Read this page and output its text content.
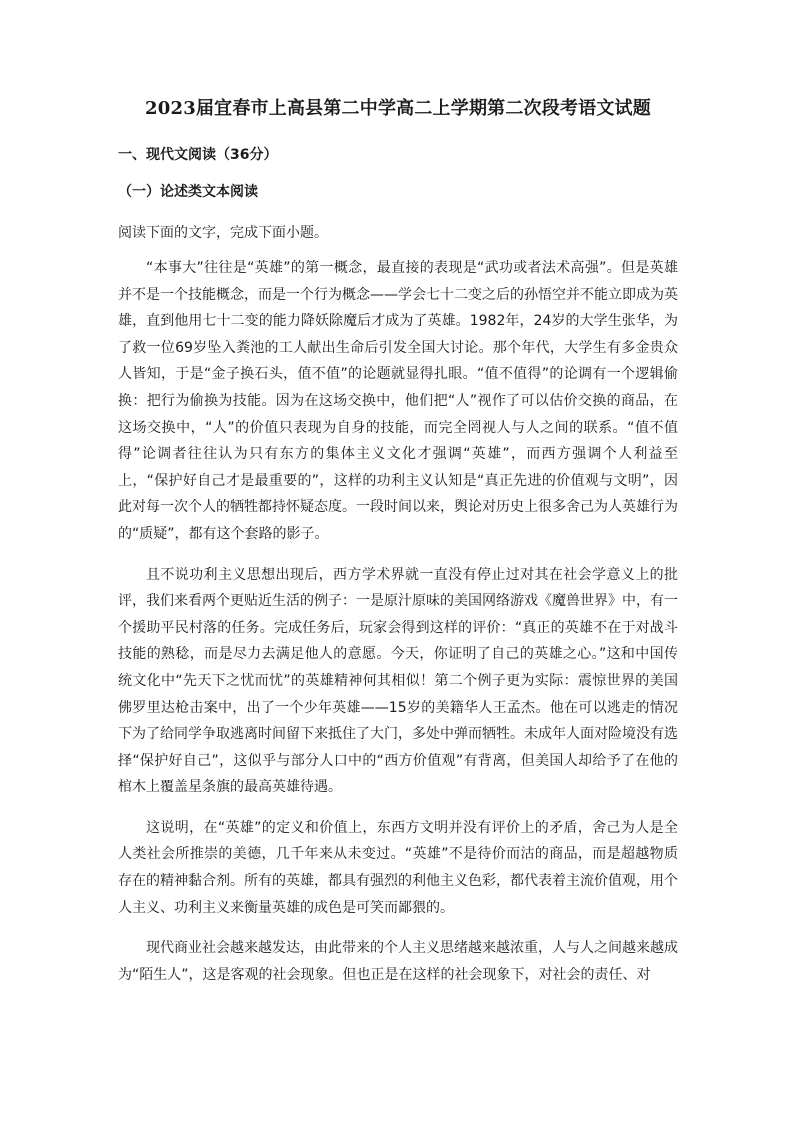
2023届宜春市上高县第二中学高二上学期第二次段考语文试题
一、现代文阅读（36分）
（一）论述类文本阅读

阅读下面的文字，完成下面小题。

“本事大”往往是“英雄”的第一概念，最直接的表现是“武功或者法术高强”。但是英雄并不是一个技能概念，而是一个行为概念——学会七十二变之后的孙悟空并不能立即成为英雄，直到他用七十二变的能力降妖除魔后才成为了英雄。1982年，24岁的大学生张华，为了救一位69岁坠入粪池的工人献出生命后引发全国大讨论。那个年代，大学生有多金贵众人皆知，于是“金子换石头，值不值”的论题就显得扎眼。“值不值得”的论调有一个逻辑偷换：把行为偷换为技能。因为在这场交换中，他们把“人”视作了可以估价交换的商品，在这场交换中，“人”的价值只表现为自身的技能，而完全罔视人与人之间的联系。“值不值得”论调者往往认为只有东方的集体主义文化才强调“英雄”，而西方强调个人利益至上，“保护好自己才是最重要的”，这样的功利主义认知是“真正先进的价值观与文明”，因此对每一次个人的牺牲都持怀疑态度。一段时间以来，舆论对历史上很多舍己为人英雄行为的“质疑”，都有这个套路的影子。

且不说功利主义思想出现后，西方学术界就一直没有停止过对其在社会学意义上的批评，我们来看两个更贴近生活的例子：一是原汁原味的美国网络游戏《魔兽世界》中，有一个援助平民村落的任务。完成任务后，玩家会得到这样的评价：“真正的英雄不在于对战斗技能的熟稔，而是尽力去满足他人的意愿。今天，你证明了自己的英雄之心。”这和中国传统文化中“先天下之忧而忧”的英雄精神何其相似！第二个例子更为实际：震惊世界的美国佛罗里达枪击案中，出了一个少年英雄——15岁的美籍华人王孟杰。他在可以逃走的情况下为了给同学争取逃离时间留下来抵住了大门，多处中弹而牺牲。未成年人面对险境没有选择“保护好自己”，这似乎与部分人口中的“西方价值观”有背离，但美国人却给予了在他的棺木上覆盖星条旗的最高英雄待遇。

这说明，在“英雄”的定义和价值上，东西方文明并没有评价上的矛盾，舍己为人是全人类社会所推崇的美德，几千年来从未变过。“英雄”不是待价而沽的商品，而是超越物质存在的精神黏合剂。所有的英雄，都具有强烈的利他主义色彩，都代表着主流价值观，用个人主义、功利主义来衡量英雄的成色是可笑而鄙猥的。

现代商业社会越来越发达，由此带来的个人主义思绪越来越浓重，人与人之间越来越成为“陌生人”，这是客观的社会现象。但也正是在这样的社会现象下，对社会的责任、对
